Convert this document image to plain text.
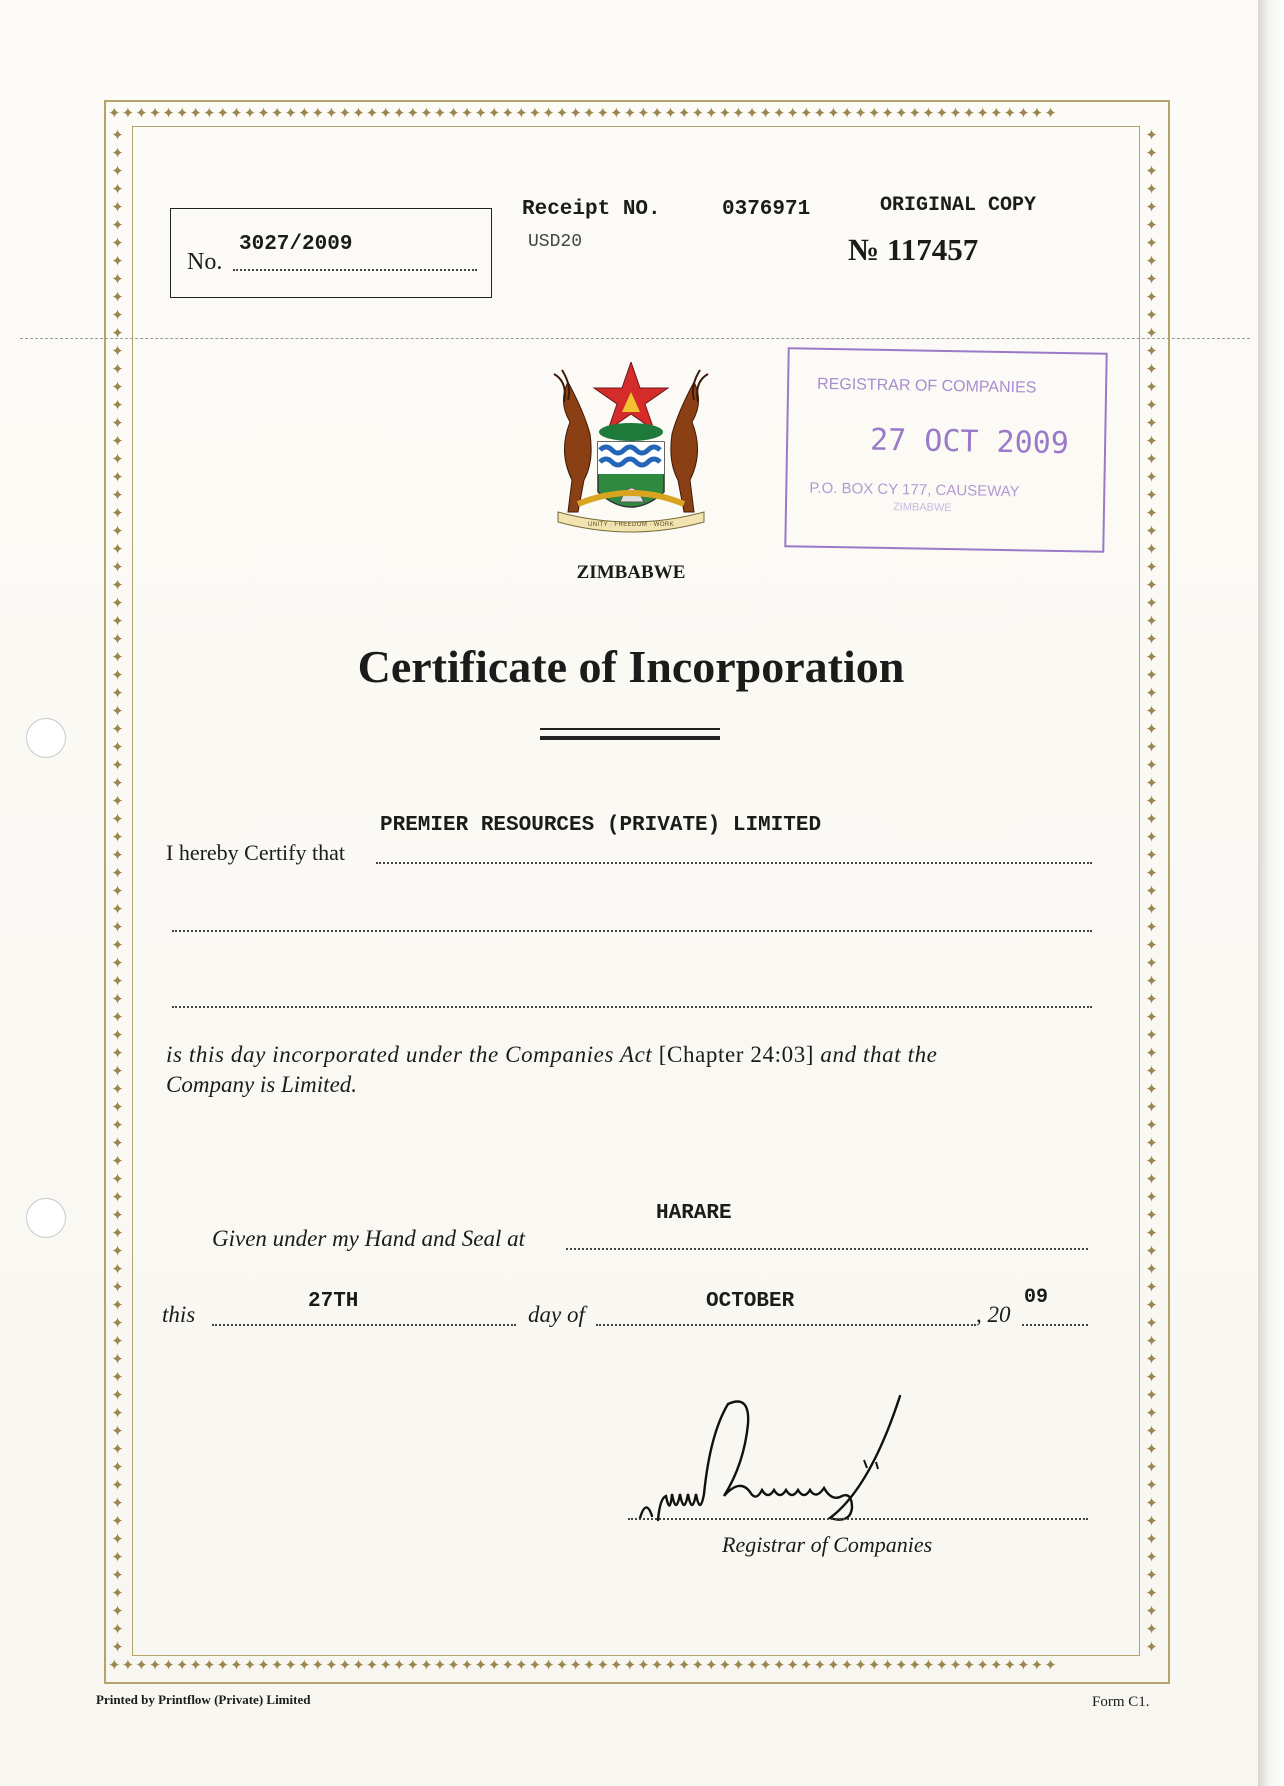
✦✦✦✦✦✦✦✦✦✦✦✦✦✦✦✦✦✦✦✦✦✦✦✦✦✦✦✦✦✦✦✦✦✦✦✦✦✦✦✦✦✦✦✦✦✦✦✦✦✦✦✦✦✦✦✦✦✦✦✦✦✦✦✦✦✦✦✦✦✦
✦✦✦✦✦✦✦✦✦✦✦✦✦✦✦✦✦✦✦✦✦✦✦✦✦✦✦✦✦✦✦✦✦✦✦✦✦✦✦✦✦✦✦✦✦✦✦✦✦✦✦✦✦✦✦✦✦✦✦✦✦✦✦✦✦✦✦✦✦✦
✦
✦
✦
✦
✦
✦
✦
✦
✦
✦
✦
✦
✦
✦
✦
✦
✦
✦
✦
✦
✦
✦
✦
✦
✦
✦
✦
✦
✦
✦
✦
✦
✦
✦
✦
✦
✦
✦
✦
✦
✦
✦
✦
✦
✦
✦
✦
✦
✦
✦
✦
✦
✦
✦
✦
✦
✦
✦
✦
✦
✦
✦
✦
✦
✦
✦
✦
✦
✦
✦
✦
✦
✦
✦
✦
✦
✦
✦
✦
✦
✦
✦
✦
✦
✦

✦
✦
✦
✦
✦
✦
✦
✦
✦
✦
✦
✦
✦
✦
✦
✦
✦
✦
✦
✦
✦
✦
✦
✦
✦
✦
✦
✦
✦
✦
✦
✦
✦
✦
✦
✦
✦
✦
✦
✦
✦
✦
✦
✦
✦
✦
✦
✦
✦
✦
✦
✦
✦
✦
✦
✦
✦
✦
✦
✦
✦
✦
✦
✦
✦
✦
✦
✦
✦
✦
✦
✦
✦
✦
✦
✦
✦
✦
✦
✦
✦
✦
✦
✦
✦

No.
3027/2009
Receipt NO.	0376971	ORIGINAL COPY
USD20	№ 117457
UNITY · FREEDOM · WORK
ZIMBABWE
REGISTRAR OF COMPANIES
27 OCT 2009
P.O. BOX CY 177, CAUSEWAY
ZIMBABWE
Certificate of Incorporation
PREMIER RESOURCES (PRIVATE) LIMITED
I hereby Certify that
is this day incorporated under the Companies Act [Chapter 24:03] and that the
Company is Limited.
HARARE
Given under my Hand and Seal at
27TH
this	day of
OCTOBER
, 20
09
Registrar of Companies
Printed by Printflow (Private) Limited	Form C1.
